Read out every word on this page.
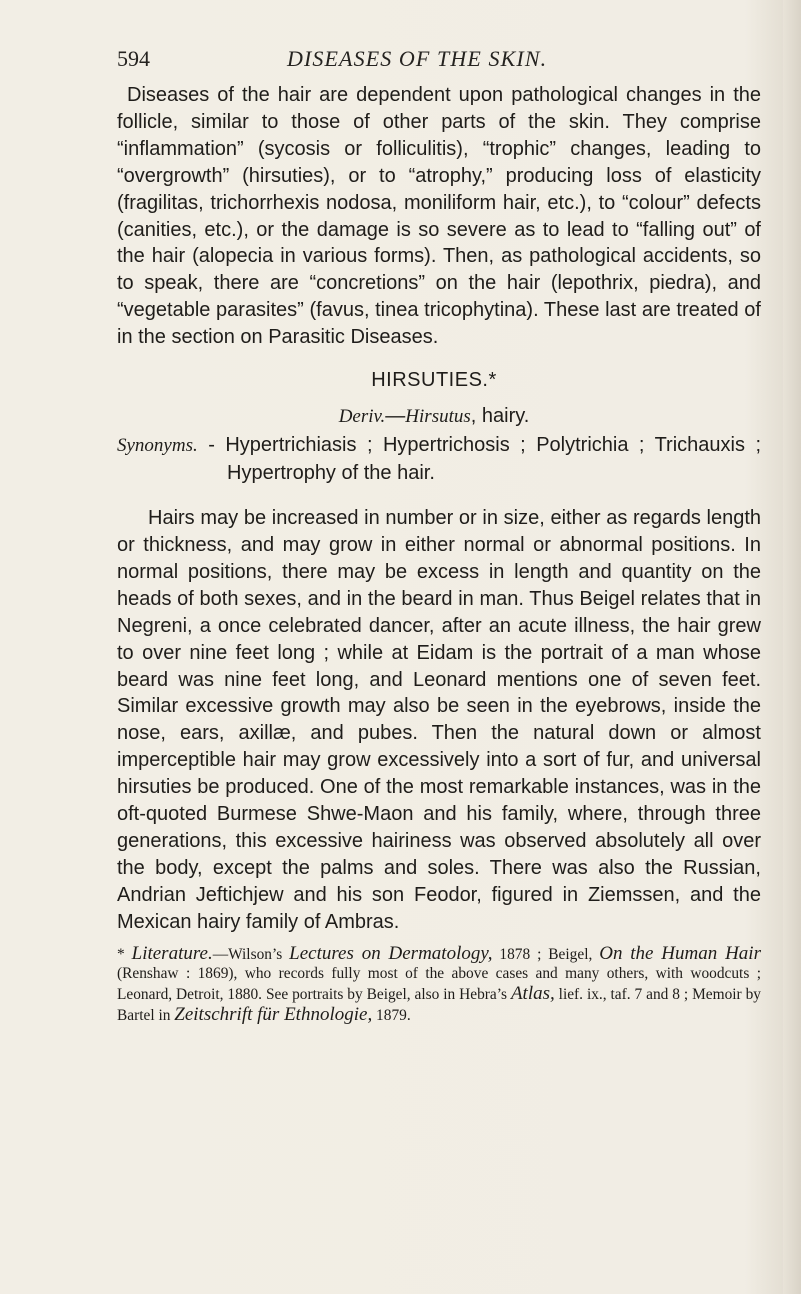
594	DISEASES OF THE SKIN.

Diseases of the hair are dependent upon pathological changes in the follicle, similar to those of other parts of the skin. They comprise “inflammation” (sycosis or folliculitis), “trophic” changes, leading to “overgrowth” (hirsuties), or to “atrophy,” producing loss of elasticity (fragilitas, trichorrhexis nodosa, moniliform hair, etc.), to “colour” defects (canities, etc.), or the damage is so severe as to lead to “falling out” of the hair (alopecia in various forms). Then, as pathological accidents, so to speak, there are “concretions” on the hair (lepothrix, piedra), and “vegetable parasites” (favus, tinea tricophytina). These last are treated of in the section on Parasitic Diseases.

HIRSUTIES.*
Deriv.—Hirsutus, hairy.

Synonyms. - Hypertrichiasis ; Hypertrichosis ; Polytrichia ; Trichauxis ; Hypertrophy of the hair.

Hairs may be increased in number or in size, either as regards length or thickness, and may grow in either normal or abnormal positions. In normal positions, there may be excess in length and quantity on the heads of both sexes, and in the beard in man. Thus Beigel relates that in Negreni, a once celebrated dancer, after an acute illness, the hair grew to over nine feet long ; while at Eidam is the portrait of a man whose beard was nine feet long, and Leonard mentions one of seven feet. Similar excessive growth may also be seen in the eyebrows, inside the nose, ears, axillæ, and pubes. Then the natural down or almost imperceptible hair may grow excessively into a sort of fur, and universal hirsuties be produced. One of the most remarkable instances, was in the oft-quoted Burmese Shwe-Maon and his family, where, through three generations, this excessive hairiness was observed absolutely all over the body, except the palms and soles. There was also the Russian, Andrian Jeftichjew and his son Feodor, figured in Ziemssen, and the Mexican hairy family of Ambras.

* Literature.—Wilson’s Lectures on Dermatology, 1878 ; Beigel, On the Human Hair (Renshaw : 1869), who records fully most of the above cases and many others, with woodcuts ; Leonard, Detroit, 1880. See portraits by Beigel, also in Hebra’s Atlas, lief. ix., taf. 7 and 8 ; Memoir by Bartel in Zeitschrift für Ethnologie, 1879.
